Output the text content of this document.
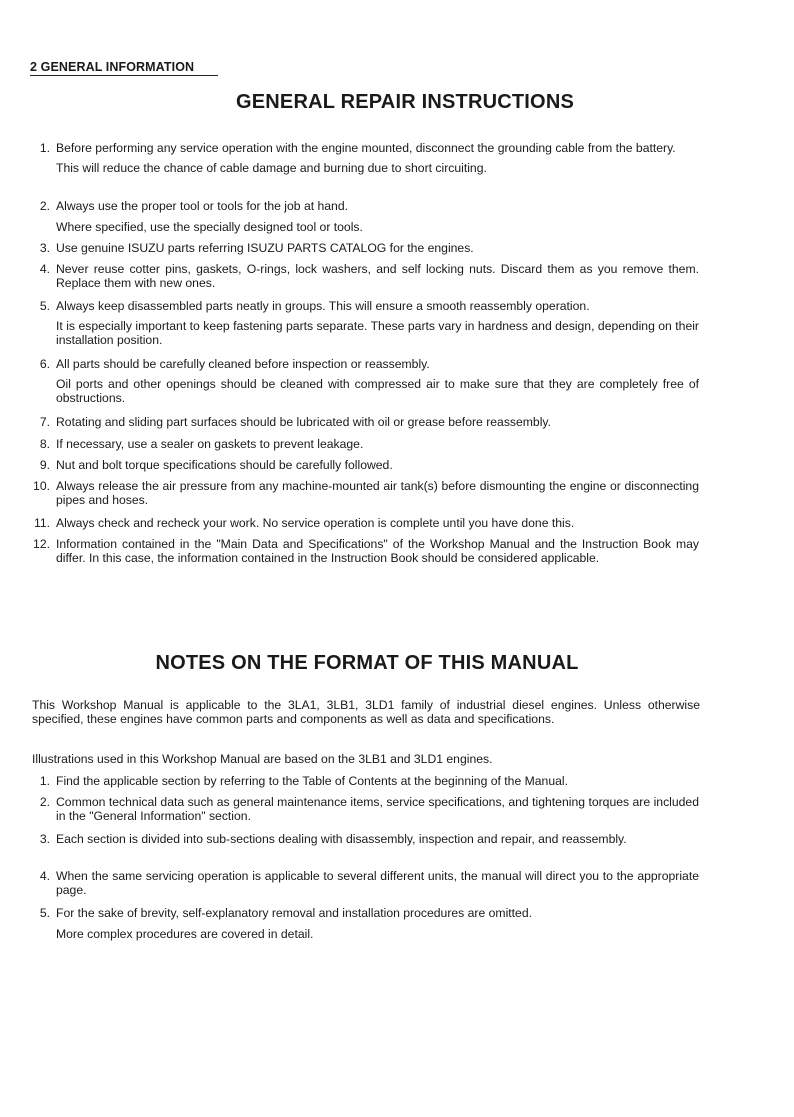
2 GENERAL INFORMATION
GENERAL REPAIR INSTRUCTIONS
1. Before performing any service operation with the engine mounted, disconnect the grounding cable from the battery.
This will reduce the chance of cable damage and burning due to short circuiting.
2. Always use the proper tool or tools for the job at hand.
Where specified, use the specially designed tool or tools.
3. Use genuine ISUZU parts referring ISUZU PARTS CATALOG for the engines.
4. Never reuse cotter pins, gaskets, O-rings, lock washers, and self locking nuts. Discard them as you remove them. Replace them with new ones.
5. Always keep disassembled parts neatly in groups. This will ensure a smooth reassembly operation.
It is especially important to keep fastening parts separate. These parts vary in hardness and design, depending on their installation position.
6. All parts should be carefully cleaned before inspection or reassembly.
Oil ports and other openings should be cleaned with compressed air to make sure that they are completely free of obstructions.
7. Rotating and sliding part surfaces should be lubricated with oil or grease before reassembly.
8. If necessary, use a sealer on gaskets to prevent leakage.
9. Nut and bolt torque specifications should be carefully followed.
10. Always release the air pressure from any machine-mounted air tank(s) before dismounting the engine or disconnecting pipes and hoses.
11. Always check and recheck your work. No service operation is complete until you have done this.
12. Information contained in the "Main Data and Specifications" of the Workshop Manual and the Instruction Book may differ. In this case, the information contained in the Instruction Book should be considered applicable.
NOTES ON THE FORMAT OF THIS MANUAL
This Workshop Manual is applicable to the 3LA1, 3LB1, 3LD1 family of industrial diesel engines. Unless otherwise specified, these engines have common parts and components as well as data and specifications.
Illustrations used in this Workshop Manual are based on the 3LB1 and 3LD1 engines.
1. Find the applicable section by referring to the Table of Contents at the beginning of the Manual.
2. Common technical data such as general maintenance items, service specifications, and tightening torques are included in the "General Information" section.
3. Each section is divided into sub-sections dealing with disassembly, inspection and repair, and reassembly.
4. When the same servicing operation is applicable to several different units, the manual will direct you to the appropriate page.
5. For the sake of brevity, self-explanatory removal and installation procedures are omitted.
More complex procedures are covered in detail.
